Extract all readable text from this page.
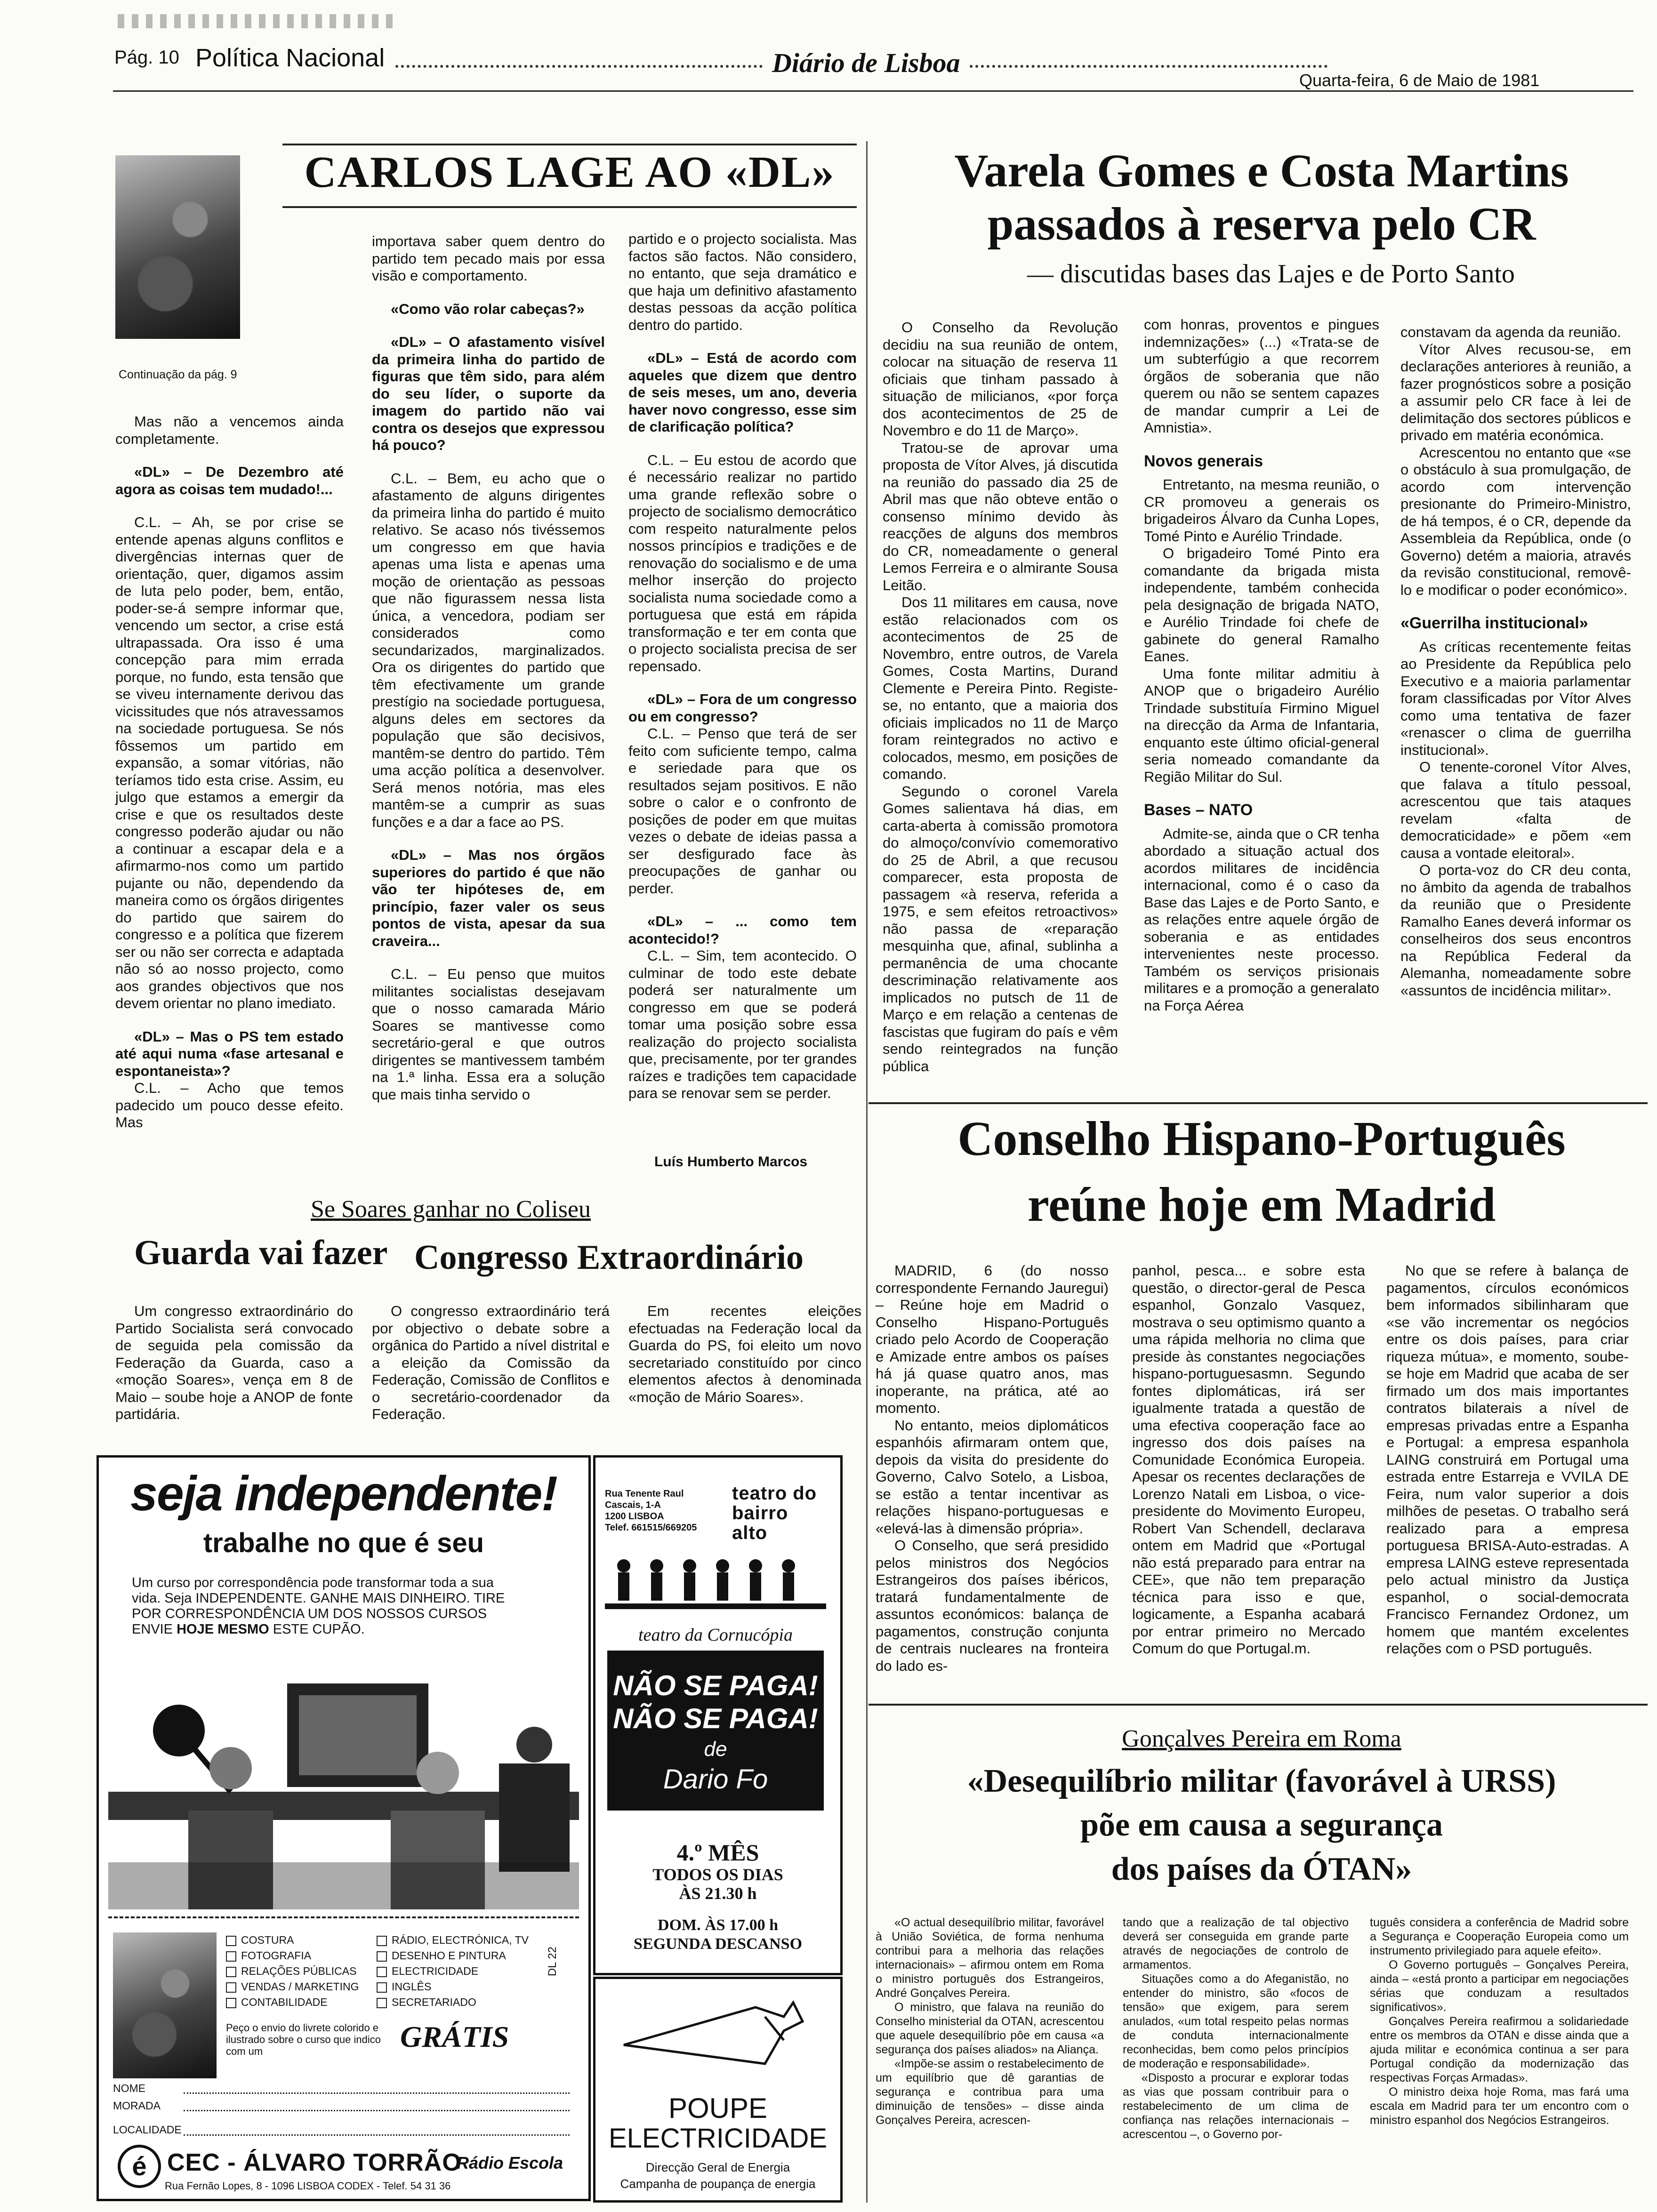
Pág. 10 Política Nacional	Diário de Lisboa
Quarta-feira, 6 de Maio de 1981
Continuação da pág. 9
CARLOS LAGE AO «DL»

Mas não a vencemos ainda completamente.

«DL» – De Dezembro até agora as coisas tem mudado!...

C.L. – Ah, se por crise se entende apenas alguns conflitos e divergências internas quer de orientação, quer, digamos assim de luta pelo poder, bem, então, poder-se-á sempre informar que, vencendo um sector, a crise está ultrapassada. Ora isso é uma concepção para mim errada porque, no fundo, esta tensão que se viveu internamente derivou das vicissitudes que nós atravessamos na sociedade portuguesa. Se nós fôssemos um partido em expansão, a somar vitórias, não teríamos tido esta crise. Assim, eu julgo que estamos a emergir da crise e que os resultados deste congresso poderão ajudar ou não a continuar a escapar dela e a afirmarmo-nos como um partido pujante ou não, dependendo da maneira como os órgãos dirigentes do partido que sairem do congresso e a política que fizerem ser ou não ser correcta e adaptada não só ao nosso projecto, como aos grandes objectivos que nos devem orientar no plano imediato.

«DL» – Mas o PS tem estado até aqui numa «fase artesanal e espontaneista»?

C.L. – Acho que temos padecido um pouco desse efeito. Mas

importava saber quem dentro do partido tem pecado mais por essa visão e comportamento.

«Como vão rolar cabeças?»

«DL» – O afastamento visível da primeira linha do partido de figuras que têm sido, para além do seu líder, o suporte da imagem do partido não vai contra os desejos que expressou há pouco?

C.L. – Bem, eu acho que o afastamento de alguns dirigentes da primeira linha do partido é muito relativo. Se acaso nós tivéssemos um congresso em que havia apenas uma lista e apenas uma moção de orientação as pessoas que não figurassem nessa lista única, a vencedora, podiam ser considerados como secundarizados, marginalizados. Ora os dirigentes do partido que têm efectivamente um grande prestígio na sociedade portuguesa, alguns deles em sectores da população que são decisivos, mantêm-se dentro do partido. Têm uma acção política a desenvolver. Será menos notória, mas eles mantêm-se a cumprir as suas funções e a dar a face ao PS.

«DL» – Mas nos órgãos superiores do partido é que não vão ter hipóteses de, em princípio, fazer valer os seus pontos de vista, apesar da sua craveira...

C.L. – Eu penso que muitos militantes socialistas desejavam que o nosso camarada Mário Soares se mantivesse como secretário-geral e que outros dirigentes se mantivessem também na 1.ª linha. Essa era a solução que mais tinha servido o

partido e o projecto socialista. Mas factos são factos. Não considero, no entanto, que seja dramático e que haja um definitivo afastamento destas pessoas da acção política dentro do partido.

«DL» – Está de acordo com aqueles que dizem que dentro de seis meses, um ano, deveria haver novo congresso, esse sim de clarificação política?

C.L. – Eu estou de acordo que é necessário realizar no partido uma grande reflexão sobre o projecto de socialismo democrático com respeito naturalmente pelos nossos princípios e tradições e de renovação do socialismo e de uma melhor inserção do projecto socialista numa sociedade como a portuguesa que está em rápida transformação e ter em conta que o projecto socialista precisa de ser repensado.

«DL» – Fora de um congresso ou em congresso?

C.L. – Penso que terá de ser feito com suficiente tempo, calma e seriedade para que os resultados sejam positivos. E não sobre o calor e o confronto de posições de poder em que muitas vezes o debate de ideias passa a ser desfigurado face às preocupações de ganhar ou perder.

«DL» – ... como tem acontecido!?

C.L. – Sim, tem acontecido. O culminar de todo este debate poderá ser naturalmente um congresso em que se poderá tomar uma posição sobre essa realização do projecto socialista que, precisamente, por ter grandes raízes e tradições tem capacidade para se renovar sem se perder.

Luís Humberto Marcos
Varela Gomes e Costa Martins
passados à reserva pelo CR
— discutidas bases das Lajes e de Porto Santo

O Conselho da Revolução decidiu na sua reunião de ontem, colocar na situação de reserva 11 oficiais que tinham passado à situação de milicianos, «por força dos acontecimentos de 25 de Novembro e do 11 de Março».

Tratou-se de aprovar uma proposta de Vítor Alves, já discutida na reunião do passado dia 25 de Abril mas que não obteve então o consenso mínimo devido às reacções de alguns dos membros do CR, nomeadamente o general Lemos Ferreira e o almirante Sousa Leitão.

Dos 11 militares em causa, nove estão relacionados com os acontecimentos de 25 de Novembro, entre outros, de Varela Gomes, Costa Martins, Durand Clemente e Pereira Pinto. Registe-se, no entanto, que a maioria dos oficiais implicados no 11 de Março foram reintegrados no activo e colocados, mesmo, em posições de comando.

Segundo o coronel Varela Gomes salientava há dias, em carta-aberta à comissão promotora do almoço/convívio comemorativo do 25 de Abril, a que recusou comparecer, esta proposta de passagem «à reserva, referida a 1975, e sem efeitos retroactivos» não passa de «reparação mesquinha que, afinal, sublinha a permanência de uma chocante descriminação relativamente aos implicados no putsch de 11 de Março e em relação a centenas de fascistas que fugiram do país e vêm sendo reintegrados na função pública

com honras, proventos e pingues indemnizações» (...) «Trata-se de um subterfúgio a que recorrem órgãos de soberania que não querem ou não se sentem capazes de mandar cumprir a Lei de Amnistia».

Novos generais

Entretanto, na mesma reunião, o CR promoveu a generais os brigadeiros Álvaro da Cunha Lopes, Tomé Pinto e Aurélio Trindade.

O brigadeiro Tomé Pinto era comandante da brigada mista independente, também conhecida pela designação de brigada NATO, e Aurélio Trindade foi chefe de gabinete do general Ramalho Eanes.

Uma fonte militar admitiu à ANOP que o brigadeiro Aurélio Trindade substituía Firmino Miguel na direcção da Arma de Infantaria, enquanto este último oficial-general seria nomeado comandante da Região Militar do Sul.

Bases – NATO

Admite-se, ainda que o CR tenha abordado a situação actual dos acordos militares de incidência internacional, como é o caso da Base das Lajes e de Porto Santo, e as relações entre aquele órgão de soberania e as entidades intervenientes neste processo. Também os serviços prisionais militares e a promoção a generalato na Força Aérea

constavam da agenda da reunião.

Vítor Alves recusou-se, em declarações anteriores à reunião, a fazer prognósticos sobre a posição a assumir pelo CR face à lei de delimitação dos sectores públicos e privado em matéria económica.

Acrescentou no entanto que «se o obstáculo à sua promulgação, de acordo com intervenção presionante do Primeiro-Ministro, de há tempos, é o CR, depende da Assembleia da República, onde (o Governo) detém a maioria, através da revisão constitucional, removê-lo e modificar o poder económico».

«Guerrilha institucional»

As críticas recentemente feitas ao Presidente da República pelo Executivo e a maioria parlamentar foram classificadas por Vítor Alves como uma tentativa de fazer «renascer o clima de guerrilha institucional».

O tenente-coronel Vítor Alves, que falava a título pessoal, acrescentou que tais ataques revelam «falta de democraticidade» e põem «em causa a vontade eleitoral».

O porta-voz do CR deu conta, no âmbito da agenda de trabalhos da reunião que o Presidente Ramalho Eanes deverá informar os conselheiros dos seus encontros na República Federal da Alemanha, nomeadamente sobre «assuntos de incidência militar».

Se Soares ganhar no Coliseu
Guarda vai fazer Congresso Extraordinário

Um congresso extraordinário do Partido Socialista será convocado de seguida pela comissão da Federação da Guarda, caso a «moção Soares», vença em 8 de Maio – soube hoje a ANOP de fonte partidária.

O congresso extraordinário terá por objectivo o debate sobre a orgânica do Partido a nível distrital e a eleição da Comissão da Federação, Comissão de Conflitos e o secretário-coordenador da Federação.

Em recentes eleições efectuadas na Federação local da Guarda do PS, foi eleito um novo secretariado constituído por cinco elementos afectos à denominada «moção de Mário Soares».

seja independente!
trabalhe no que é seu
Um curso por correspondência pode transformar toda a sua vida. Seja INDEPENDENTE. GANHE MAIS DINHEIRO. TIRE POR CORRESPONDÊNCIA UM DOS NOSSOS CURSOS ENVIE HOJE MESMO ESTE CUPÃO.
COSTURA
FOTOGRAFIA
RELAÇÕES PÚBLICAS
VENDAS / MARKETING
CONTABILIDADE
RÁDIO, ELECTRÓNICA, TV
DESENHO E PINTURA
ELECTRICIDADE
INGLÊS
SECRETARIADO
DL 22
Peço o envio do livrete colorido e ilustrado sobre o curso que indico com um	GRÁTIS
NOME
MORADA
LOCALIDADE
é CEC - ÁLVARO TORRÃO
Rádio Escola
Rua Fernão Lopes, 8 - 1096 LISBOA CODEX - Telef. 54 31 36
Rua Tenente Raul
Cascais, 1-A
1200 LISBOA
Telef. 661515/669205
teatro do bairro alto
teatro da Cornucópia
NÃO SE PAGA!
NÃO SE PAGA!
de
Dario Fo
4.º MÊS
TODOS OS DIAS
ÀS 21.30 h
DOM. ÀS 17.00 h
SEGUNDA DESCANSO
POUPE
ELECTRICIDADE
Direcção Geral de Energia
Campanha de poupança de energia
Conselho Hispano-Português
reúne hoje em Madrid

MADRID, 6 (do nosso correspondente Fernando Jauregui) – Reúne hoje em Madrid o Conselho Hispano-Português criado pelo Acordo de Cooperação e Amizade entre ambos os países há já quase quatro anos, mas inoperante, na prática, até ao momento.

No entanto, meios diplomáticos espanhóis afirmaram ontem que, depois da visita do presidente do Governo, Calvo Sotelo, a Lisboa, se estão a tentar incentivar as relações hispano-portuguesas e «elevá-las à dimensão própria».

O Conselho, que será presidido pelos ministros dos Negócios Estrangeiros dos países ibéricos, tratará fundamentalmente de assuntos económicos: balança de pagamentos, construção conjunta de centrais nucleares na fronteira do lado es-

panhol, pesca... e sobre esta questão, o director-geral de Pesca espanhol, Gonzalo Vasquez, mostrava o seu optimismo quanto a uma rápida melhoria no clima que preside às constantes negociações hispano-portuguesasmn. Segundo fontes diplomáticas, irá ser igualmente tratada a questão de uma efectiva cooperação face ao ingresso dos dois países na Comunidade Económica Europeia. Apesar os recentes declarações de Lorenzo Natali em Lisboa, o vice-presidente do Movimento Europeu, Robert Van Schendell, declarava ontem em Madrid que «Portugal não está preparado para entrar na CEE», que não tem preparação técnica para isso e que, logicamente, a Espanha acabará por entrar primeiro no Mercado Comum do que Portugal.m.

No que se refere à balança de pagamentos, círculos económicos bem informados sibilinharam que «se vão incrementar os negócios entre os dois países, para criar riqueza mútua», e momento, soube-se hoje em Madrid que acaba de ser firmado um dos mais importantes contratos bilaterais a nível de empresas privadas entre a Espanha e Portugal: a empresa espanhola LAING construirá em Portugal uma estrada entre Estarreja e VVILA DE Feira, num valor superior a dois milhões de pesetas. O trabalho será realizado para a empresa portuguesa BRISA-Auto-estradas. A empresa LAING esteve representada pelo actual ministro da Justiça espanhol, o social-democrata Francisco Fernandez Ordonez, um homem que mantém excelentes relações com o PSD português.

Gonçalves Pereira em Roma
«Desequilíbrio militar (favorável à URSS)
põe em causa a segurança
dos países da ÓTAN»

«O actual desequilíbrio militar, favorável à União Soviética, de forma nenhuma contribui para a melhoria das relações internacionais» – afirmou ontem em Roma o ministro português dos Estrangeiros, André Gonçalves Pereira.

O ministro, que falava na reunião do Conselho ministerial da OTAN, acrescentou que aquele desequilíbrio pôe em causa «a segurança dos países aliados» na Aliança.

«Impõe-se assim o restabelecimento de um equilíbrio que dê garantias de segurança e contribua para uma diminuição de tensões» – disse ainda Gonçalves Pereira, acrescen-

tando que a realização de tal objectivo deverá ser conseguida em grande parte através de negociações de controlo de armamentos.

Situações como a do Afeganistão, no entender do ministro, são «focos de tensão» que exigem, para serem anulados, «um total respeito pelas normas de conduta internacionalmente reconhecidas, bem como pelos princípios de moderação e responsabilidade».

«Disposto a procurar e explorar todas as vias que possam contribuir para o restabelecimento de um clima de confiança nas relações internacionais – acrescentou –, o Governo por-

tuguês considera a conferência de Madrid sobre a Segurança e Cooperação Europeia como um instrumento privilegiado para aquele efeito».

O Governo português – Gonçalves Pereira, ainda – «está pronto a participar em negociações sérias que conduzam a resultados significativos».

Gonçalves Pereira reafirmou a solidariedade entre os membros da OTAN e disse ainda que a ajuda militar e económica continua a ser para Portugal condição da modernização das respectivas Forças Armadas».

O ministro deixa hoje Roma, mas fará uma escala em Madrid para ter um encontro com o ministro espanhol dos Negócios Estrangeiros.
